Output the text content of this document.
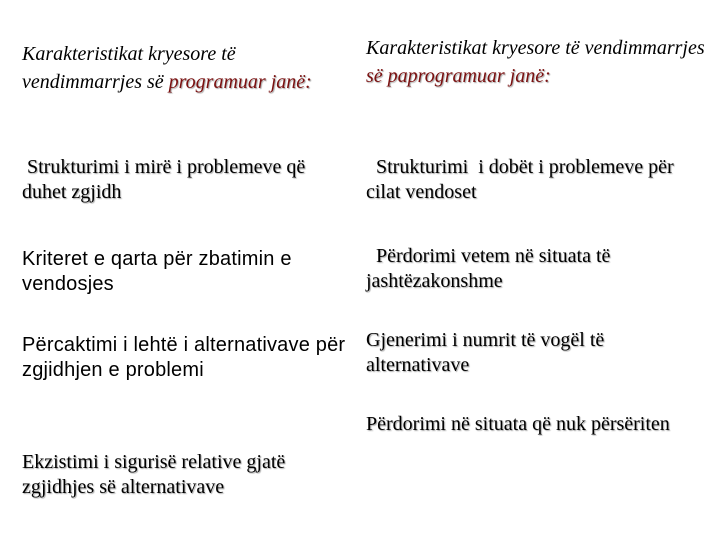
Karakteristikat kryesore të vendimmarrjes së programuar janë:
Karakteristikat kryesore të vendimmarrjes së paprogramuar janë:

Strukturimi i mirë i problemeve që duhet zgjidh

Kriteret e qarta për zbatimin e vendosjes

Përcaktimi i lehtë i alternativave për zgjidhjen e problemi

Ekzistimi i sigurisë relative gjatë zgjidhjes së alternativave

Strukturimi  i dobët i problemeve për  cilat vendoset

Përdorimi vetem në situata të jashtëzakonshme

Gjenerimi i numrit të vogël të alternativave

Përdorimi në situata që nuk përsëriten
